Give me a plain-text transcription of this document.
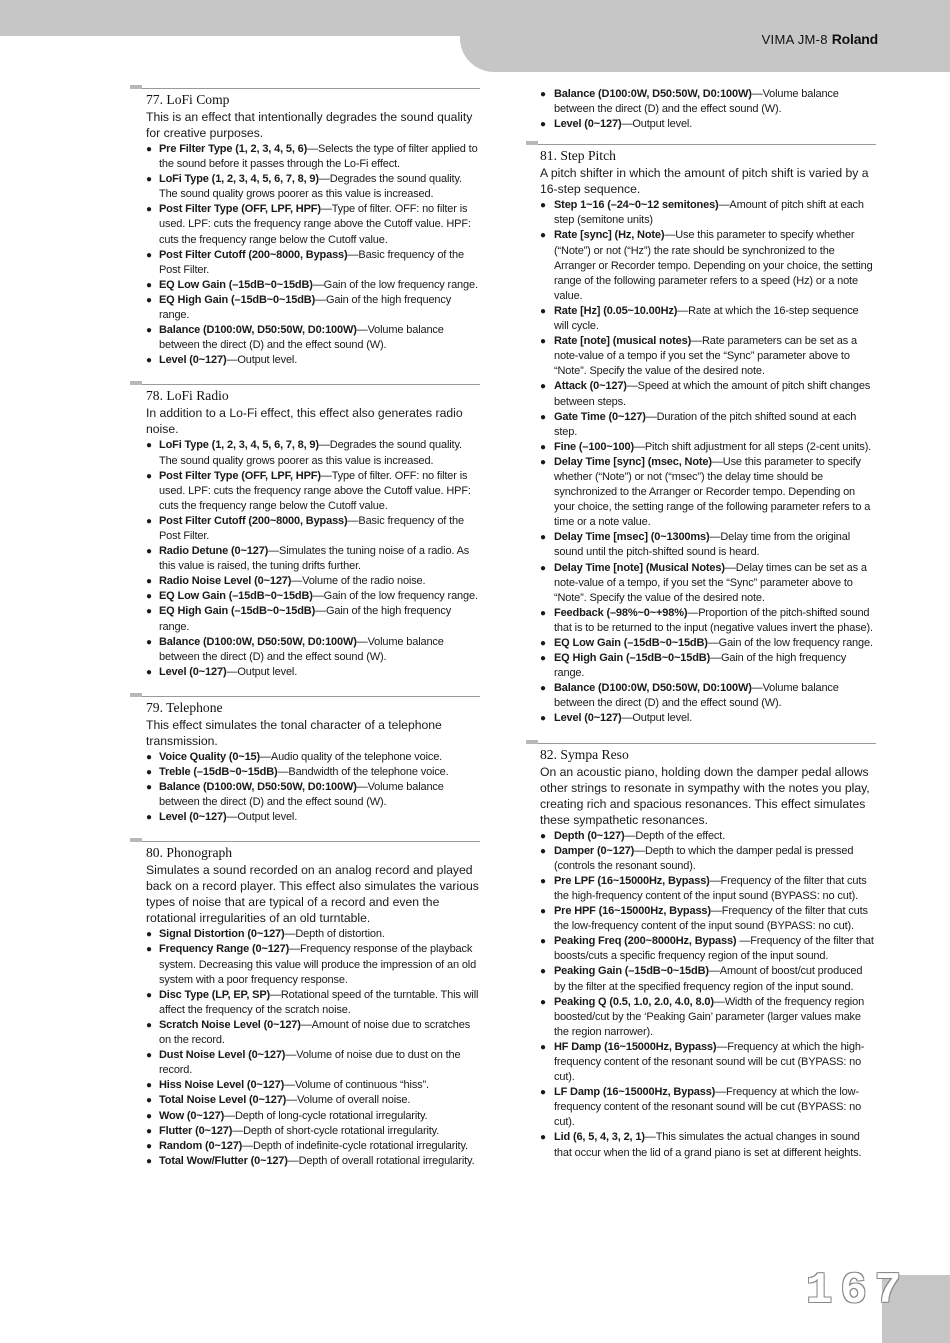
VIMA JM-8 Roland
77. LoFi Comp
This is an effect that intentionally degrades the sound quality for creative purposes.
● Pre Filter Type (1, 2, 3, 4, 5, 6)—Selects the type of filter applied to the sound before it passes through the Lo-Fi effect.
● LoFi Type (1, 2, 3, 4, 5, 6, 7, 8, 9)—Degrades the sound quality. The sound quality grows poorer as this value is increased.
● Post Filter Type (OFF, LPF, HPF)—Type of filter. OFF: no filter is used. LPF: cuts the frequency range above the Cutoff value. HPF: cuts the frequency range below the Cutoff value.
● Post Filter Cutoff (200~8000, Bypass)—Basic frequency of the Post Filter.
● EQ Low Gain (–15dB~0~15dB)—Gain of the low frequency range.
● EQ High Gain (–15dB~0~15dB)—Gain of the high frequency range.
● Balance (D100:0W, D50:50W, D0:100W)—Volume balance between the direct (D) and the effect sound (W).
● Level (0~127)—Output level.
78. LoFi Radio
In addition to a Lo-Fi effect, this effect also generates radio noise.
● LoFi Type (1, 2, 3, 4, 5, 6, 7, 8, 9)—Degrades the sound quality. The sound quality grows poorer as this value is increased.
● Post Filter Type (OFF, LPF, HPF)—Type of filter. OFF: no filter is used. LPF: cuts the frequency range above the Cutoff value. HPF: cuts the frequency range below the Cutoff value.
● Post Filter Cutoff (200~8000, Bypass)—Basic frequency of the Post Filter.
● Radio Detune (0~127)—Simulates the tuning noise of a radio. As this value is raised, the tuning drifts further.
● Radio Noise Level (0~127)—Volume of the radio noise.
● EQ Low Gain (–15dB~0~15dB)—Gain of the low frequency range.
● EQ High Gain (–15dB~0~15dB)—Gain of the high frequency range.
● Balance (D100:0W, D50:50W, D0:100W)—Volume balance between the direct (D) and the effect sound (W).
● Level (0~127)—Output level.
79. Telephone
This effect simulates the tonal character of a telephone transmission.
● Voice Quality (0~15)—Audio quality of the telephone voice.
● Treble (–15dB~0~15dB)—Bandwidth of the telephone voice.
● Balance (D100:0W, D50:50W, D0:100W)—Volume balance between the direct (D) and the effect sound (W).
● Level (0~127)—Output level.
80. Phonograph
Simulates a sound recorded on an analog record and played back on a record player. This effect also simulates the various types of noise that are typical of a record and even the rotational irregularities of an old turntable.
● Signal Distortion (0~127)—Depth of distortion.
● Frequency Range (0~127)—Frequency response of the playback system. Decreasing this value will produce the impression of an old system with a poor frequency response.
● Disc Type (LP, EP, SP)—Rotational speed of the turntable. This will affect the frequency of the scratch noise.
● Scratch Noise Level (0~127)—Amount of noise due to scratches on the record.
● Dust Noise Level (0~127)—Volume of noise due to dust on the record.
● Hiss Noise Level (0~127)—Volume of continuous “hiss”.
● Total Noise Level (0~127)—Volume of overall noise.
● Wow (0~127)—Depth of long-cycle rotational irregularity.
● Flutter (0~127)—Depth of short-cycle rotational irregularity.
● Random (0~127)—Depth of indefinite-cycle rotational irregularity.
● Total Wow/Flutter (0~127)—Depth of overall rotational irregularity.
● Balance (D100:0W, D50:50W, D0:100W)—Volume balance between the direct (D) and the effect sound (W).
● Level (0~127)—Output level.
81. Step Pitch
A pitch shifter in which the amount of pitch shift is varied by a 16-step sequence.
● Step 1~16 (–24~0~12 semitones)—Amount of pitch shift at each step (semitone units)
● Rate [sync] (Hz, Note)—Use this parameter to specify whether (“Note”) or not (“Hz”) the rate should be synchronized to the Arranger or Recorder tempo. Depending on your choice, the setting range of the following parameter refers to a speed (Hz) or a note value.
● Rate [Hz] (0.05~10.00Hz)—Rate at which the 16-step sequence will cycle.
● Rate [note] (musical notes)—Rate parameters can be set as a note-value of a tempo if you set the “Sync” parameter above to “Note”. Specify the value of the desired note.
● Attack (0~127)—Speed at which the amount of pitch shift changes between steps.
● Gate Time (0~127)—Duration of the pitch shifted sound at each step.
● Fine (–100~100)—Pitch shift adjustment for all steps (2-cent units).
● Delay Time [sync] (msec, Note)—Use this parameter to specify whether (“Note”) or not (“msec”) the delay time should be synchronized to the Arranger or Recorder tempo. Depending on your choice, the setting range of the following parameter refers to a time or a note value.
● Delay Time [msec] (0~1300ms)—Delay time from the original sound until the pitch-shifted sound is heard.
● Delay Time [note] (Musical Notes)—Delay times can be set as a note-value of a tempo, if you set the “Sync” parameter above to “Note”. Specify the value of the desired note.
● Feedback (–98%~0~+98%)—Proportion of the pitch-shifted sound that is to be returned to the input (negative values invert the phase).
● EQ Low Gain (–15dB~0~15dB)—Gain of the low frequency range.
● EQ High Gain (–15dB~0~15dB)—Gain of the high frequency range.
● Balance (D100:0W, D50:50W, D0:100W)—Volume balance between the direct (D) and the effect sound (W).
● Level (0~127)—Output level.
82. Sympa Reso
On an acoustic piano, holding down the damper pedal allows other strings to resonate in sympathy with the notes you play, creating rich and spacious resonances. This effect simulates these sympathetic resonances.
● Depth (0~127)—Depth of the effect.
● Damper (0~127)—Depth to which the damper pedal is pressed (controls the resonant sound).
● Pre LPF (16~15000Hz, Bypass)—Frequency of the filter that cuts the high-frequency content of the input sound (BYPASS: no cut).
● Pre HPF (16~15000Hz, Bypass)—Frequency of the filter that cuts the low-frequency content of the input sound (BYPASS: no cut).
● Peaking Freq (200~8000Hz, Bypass) —Frequency of the filter that boosts/cuts a specific frequency region of the input sound.
● Peaking Gain (–15dB~0~15dB)—Amount of boost/cut produced by the filter at the specified frequency region of the input sound.
● Peaking Q (0.5, 1.0, 2.0, 4.0, 8.0)—Width of the frequency region boosted/cut by the ‘Peaking Gain’ parameter (larger values make the region narrower).
● HF Damp (16~15000Hz, Bypass)—Frequency at which the high-frequency content of the resonant sound will be cut (BYPASS: no cut).
● LF Damp (16~15000Hz, Bypass)—Frequency at which the low-frequency content of the resonant sound will be cut (BYPASS: no cut).
● Lid (6, 5, 4, 3, 2, 1)—This simulates the actual changes in sound that occur when the lid of a grand piano is set at different heights.
167
